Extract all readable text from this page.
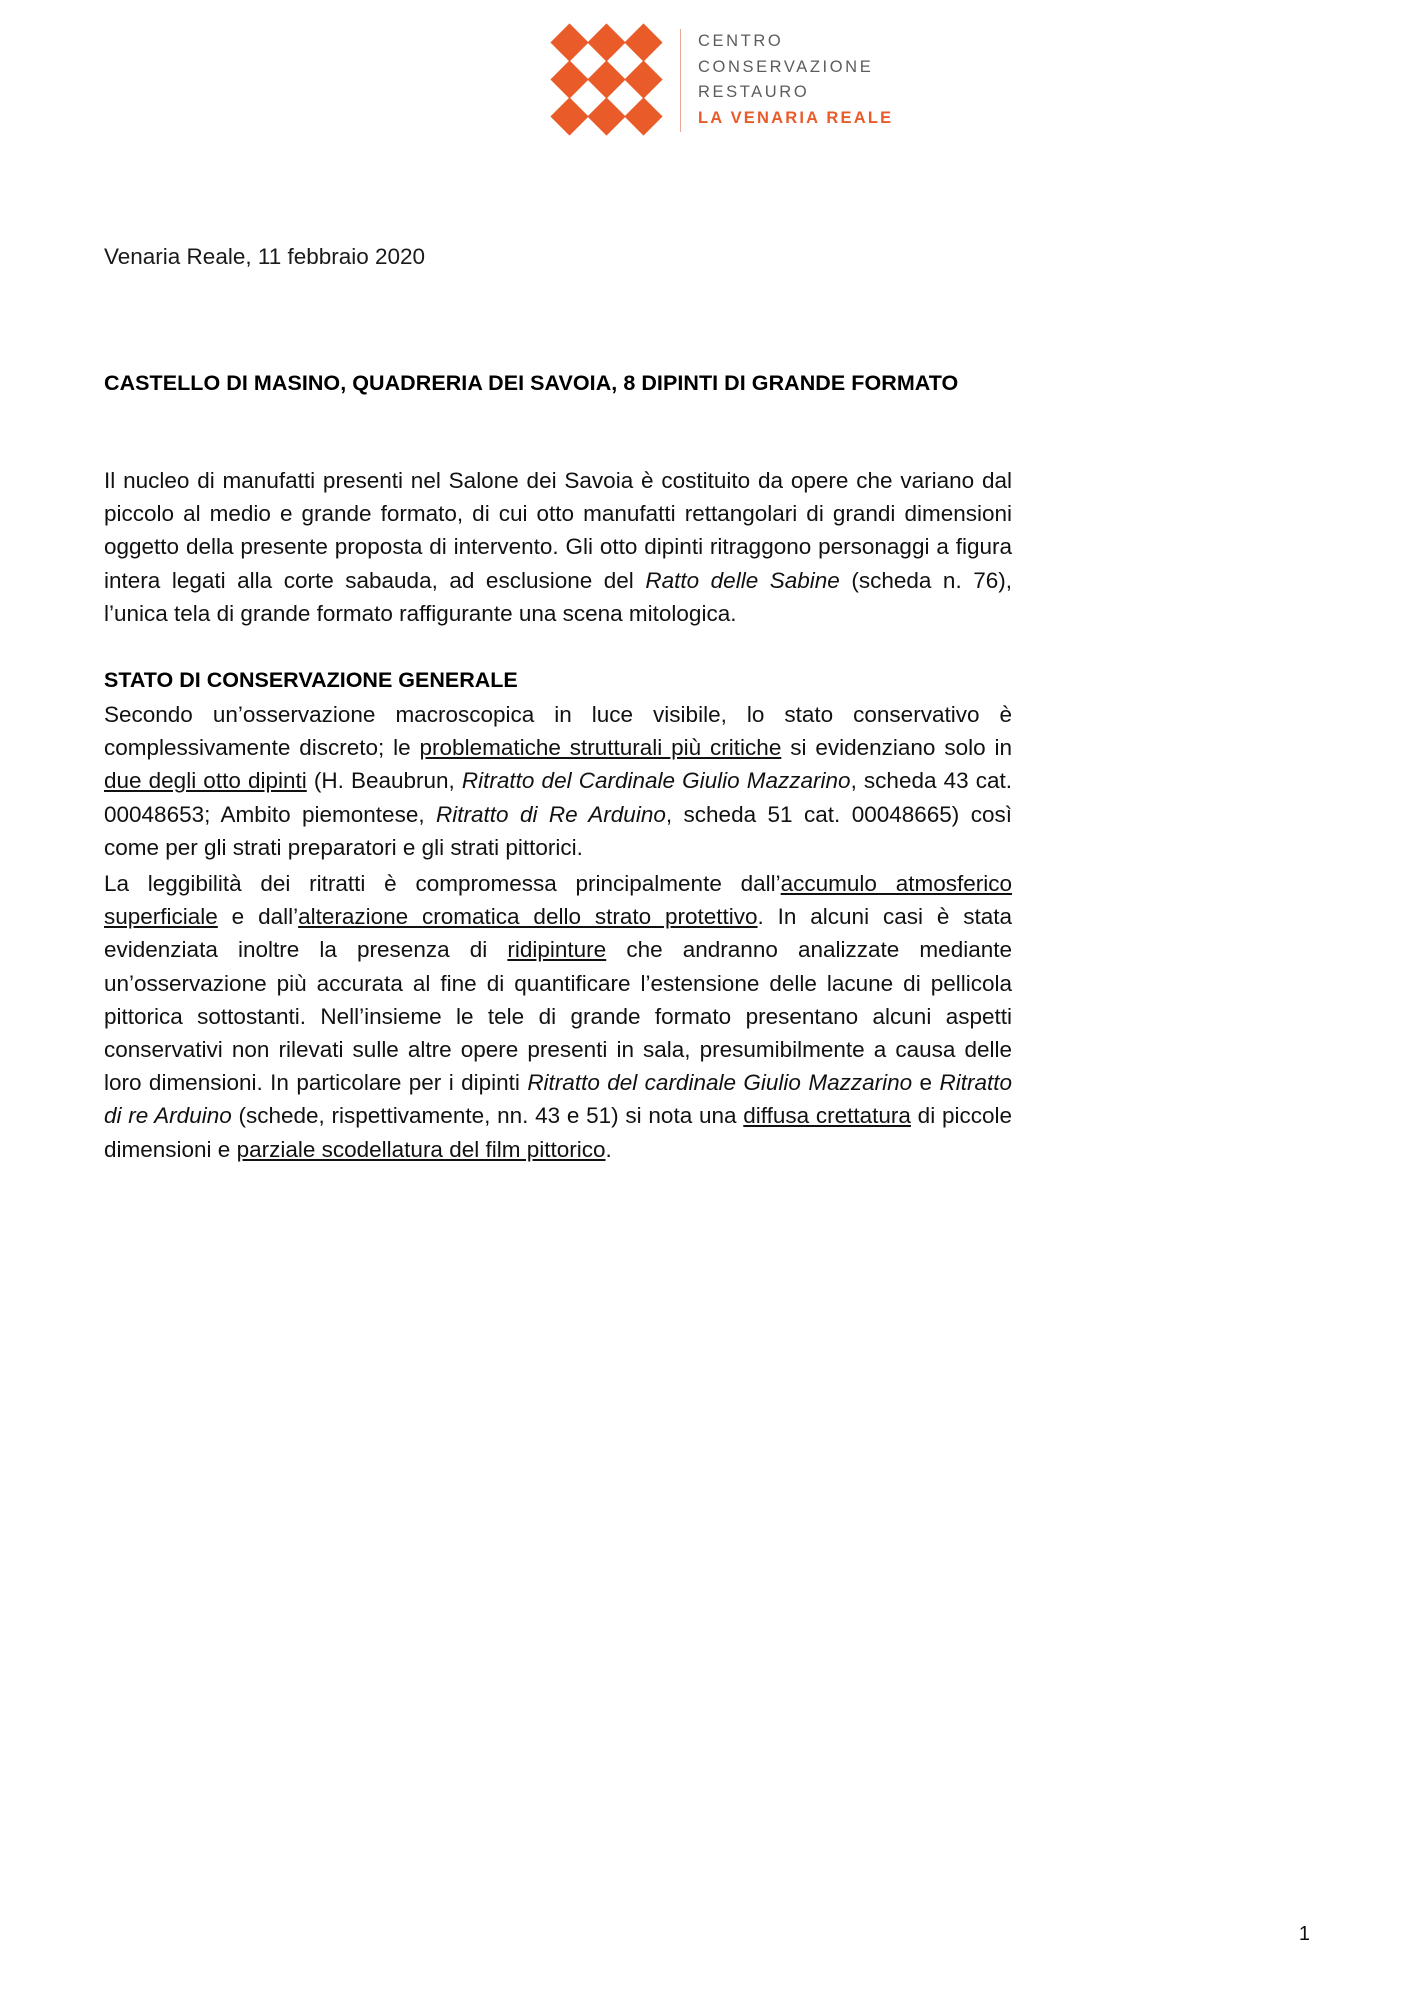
CENTRO
CONSERVAZIONE
RESTAURO
LA VENARIA REALE
Venaria Reale, 11 febbraio 2020
CASTELLO DI MASINO, QUADRERIA DEI SAVOIA, 8 DIPINTI DI GRANDE FORMATO

Il nucleo di manufatti presenti nel Salone dei Savoia è costituito da opere che variano dal piccolo al medio e grande formato, di cui otto manufatti rettangolari di grandi dimensioni oggetto della presente proposta di intervento. Gli otto dipinti ritraggono personaggi a figura intera legati alla corte sabauda, ad esclusione del Ratto delle Sabine (scheda n. 76), l’unica tela di grande formato raffigurante una scena mitologica.

STATO DI CONSERVAZIONE GENERALE

Secondo un’osservazione macroscopica in luce visibile, lo stato conservativo è complessivamente discreto; le problematiche strutturali più critiche si evidenziano solo in due degli otto dipinti (H. Beaubrun, Ritratto del Cardinale Giulio Mazzarino, scheda 43 cat. 00048653; Ambito piemontese, Ritratto di Re Arduino, scheda 51 cat. 00048665) così come per gli strati preparatori e gli strati pittorici.

La leggibilità dei ritratti è compromessa principalmente dall’accumulo atmosferico superficiale e dall’alterazione cromatica dello strato protettivo. In alcuni casi è stata evidenziata inoltre la presenza di ridipinture che andranno analizzate mediante un’osservazione più accurata al fine di quantificare l’estensione delle lacune di pellicola pittorica sottostanti. Nell’insieme le tele di grande formato presentano alcuni aspetti conservativi non rilevati sulle altre opere presenti in sala, presumibilmente a causa delle loro dimensioni. In particolare per i dipinti Ritratto del cardinale Giulio Mazzarino e Ritratto di re Arduino (schede, rispettivamente, nn. 43 e 51) si nota una diffusa crettatura di piccole dimensioni e parziale scodellatura del film pittorico.

1
